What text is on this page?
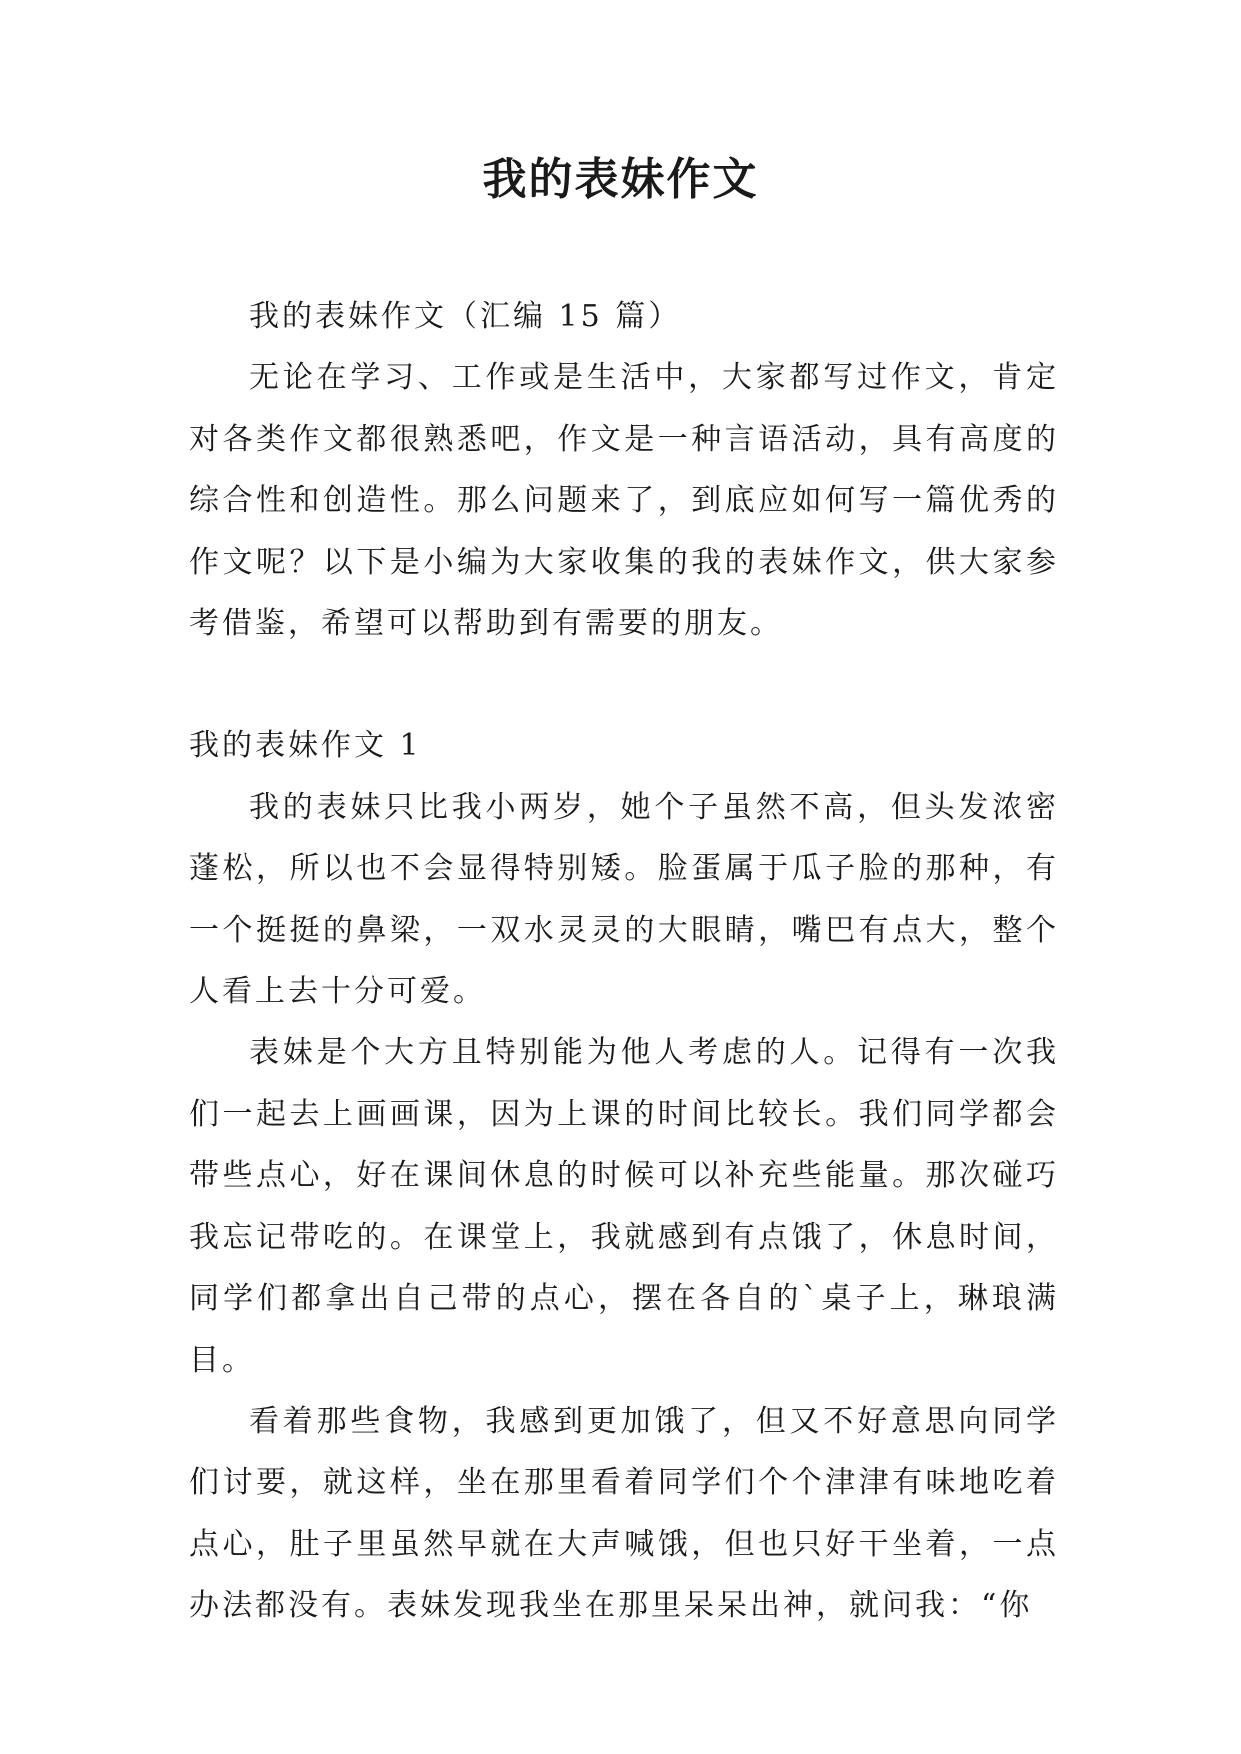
我的表妹作文

我的表妹作文（汇编 15 篇）

无论在学习、工作或是生活中，大家都写过作文，肯定对各类作文都很熟悉吧，作文是一种言语活动，具有高度的综合性和创造性。那么问题来了，到底应如何写一篇优秀的作文呢？以下是小编为大家收集的我的表妹作文，供大家参考借鉴，希望可以帮助到有需要的朋友。

我的表妹作文 1

我的表妹只比我小两岁，她个子虽然不高，但头发浓密蓬松，所以也不会显得特别矮。脸蛋属于瓜子脸的那种，有一个挺挺的鼻梁，一双水灵灵的大眼睛，嘴巴有点大，整个人看上去十分可爱。

表妹是个大方且特别能为他人考虑的人。记得有一次我们一起去上画画课，因为上课的时间比较长。我们同学都会带些点心，好在课间休息的时候可以补充些能量。那次碰巧我忘记带吃的。在课堂上，我就感到有点饿了，休息时间，同学们都拿出自己带的点心，摆在各自的`桌子上，琳琅满目。

看着那些食物，我感到更加饿了，但又不好意思向同学们讨要，就这样，坐在那里看着同学们个个津津有味地吃着点心，肚子里虽然早就在大声喊饿，但也只好干坐着，一点办法都没有。表妹发现我坐在那里呆呆出神，就问我：“你
